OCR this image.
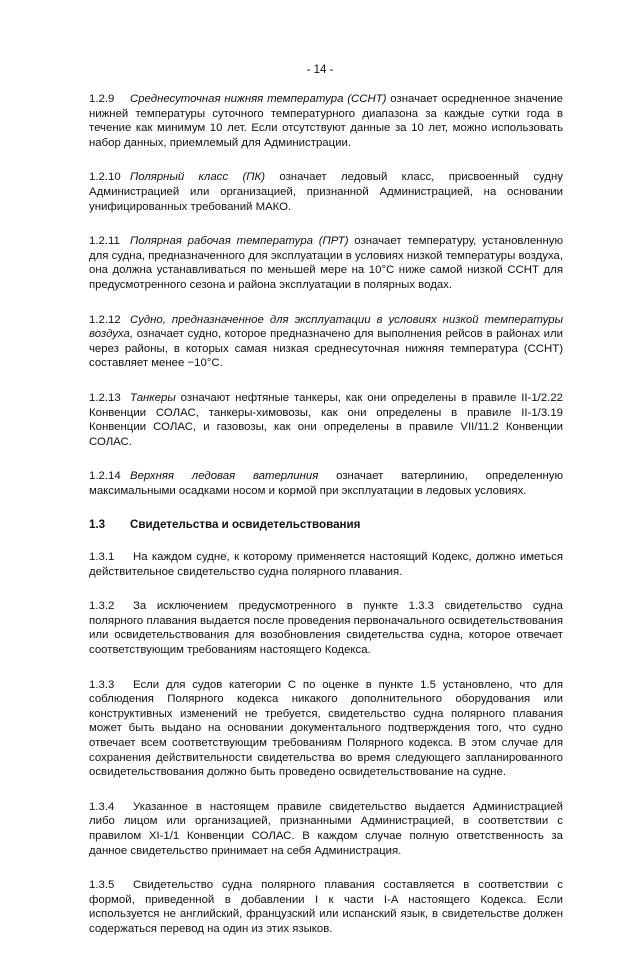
- 14 -

1.2.9 Среднесуточная нижняя температура (ССНТ) означает осредненное значение нижней температуры суточного температурного диапазона за каждые сутки года в течение как минимум 10 лет. Если отсутствуют данные за 10 лет, можно использовать набор данных, приемлемый для Администрации.

1.2.10 Полярный класс (ПК) означает ледовый класс, присвоенный судну Администрацией или организацией, признанной Администрацией, на основании унифицированных требований МАКО.

1.2.11 Полярная рабочая температура (ПРТ) означает температуру, установленную для судна, предназначенного для эксплуатации в условиях низкой температуры воздуха, она должна устанавливаться по меньшей мере на 10°C ниже самой низкой ССНТ для предусмотренного сезона и района эксплуатации в полярных водах.

1.2.12 Судно, предназначенное для эксплуатации в условиях низкой температуры воздуха, означает судно, которое предназначено для выполнения рейсов в районах или через районы, в которых самая низкая среднесуточная нижняя температура (ССНТ) составляет менее −10°C.

1.2.13 Танкеры означают нефтяные танкеры, как они определены в правиле II-1/2.22 Конвенции СОЛАС, танкеры-химовозы, как они определены в правиле II-1/3.19 Конвенции СОЛАС, и газовозы, как они определены в правиле VII/11.2 Конвенции СОЛАС.

1.2.14 Верхняя ледовая ватерлиния означает ватерлинию, определенную максимальными осадками носом и кормой при эксплуатации в ледовых условиях.

1.3 Свидетельства и освидетельствования

1.3.1 На каждом судне, к которому применяется настоящий Кодекс, должно иметься действительное свидетельство судна полярного плавания.

1.3.2 За исключением предусмотренного в пункте 1.3.3 свидетельство судна полярного плавания выдается после проведения первоначального освидетельствования или освидетельствования для возобновления свидетельства судна, которое отвечает соответствующим требованиям настоящего Кодекса.

1.3.3 Если для судов категории C по оценке в пункте 1.5 установлено, что для соблюдения Полярного кодекса никакого дополнительного оборудования или конструктивных изменений не требуется, свидетельство судна полярного плавания может быть выдано на основании документального подтверждения того, что судно отвечает всем соответствующим требованиям Полярного кодекса. В этом случае для сохранения действительности свидетельства во время следующего запланированного освидетельствования должно быть проведено освидетельствование на судне.

1.3.4 Указанное в настоящем правиле свидетельство выдается Администрацией либо лицом или организацией, признанными Администрацией, в соответствии с правилом XI-1/1 Конвенции СОЛАС. В каждом случае полную ответственность за данное свидетельство принимает на себя Администрация.

1.3.5 Свидетельство судна полярного плавания составляется в соответствии с формой, приведенной в добавлении I к части I-A настоящего Кодекса. Если используется не английский, французский или испанский язык, в свидетельстве должен содержаться перевод на один из этих языков.
